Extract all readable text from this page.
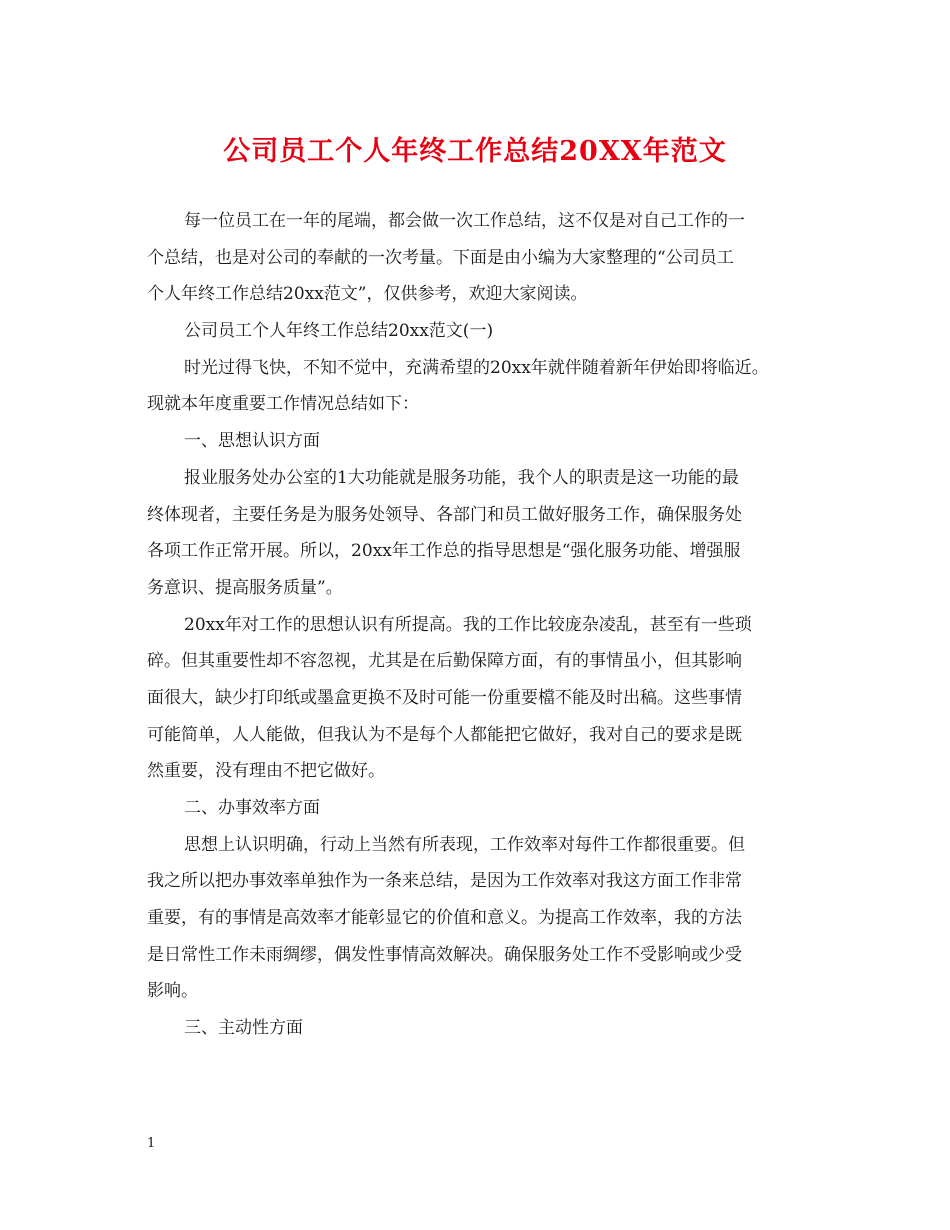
公司员工个人年终工作总结20XX年范文
每一位员工在一年的尾端，都会做一次工作总结，这不仅是对自己工作的一
个总结，也是对公司的奉献的一次考量。下面是由小编为大家整理的“公司员工
个人年终工作总结20xx范文”，仅供参考，欢迎大家阅读。
公司员工个人年终工作总结20xx范文(一)
时光过得飞快，不知不觉中，充满希望的20xx年就伴随着新年伊始即将临近。
现就本年度重要工作情况总结如下：
一、思想认识方面
报业服务处办公室的1大功能就是服务功能，我个人的职责是这一功能的最
终体现者，主要任务是为服务处领导、各部门和员工做好服务工作，确保服务处
各项工作正常开展。所以，20xx年工作总的指导思想是“强化服务功能、增强服
务意识、提高服务质量”。
20xx年对工作的思想认识有所提高。我的工作比较庞杂凌乱，甚至有一些琐
碎。但其重要性却不容忽视，尤其是在后勤保障方面，有的事情虽小，但其影响
面很大，缺少打印纸或墨盒更换不及时可能一份重要檔不能及时出稿。这些事情
可能简单，人人能做，但我认为不是每个人都能把它做好，我对自己的要求是既
然重要，没有理由不把它做好。
二、办事效率方面
思想上认识明确，行动上当然有所表现，工作效率对每件工作都很重要。但
我之所以把办事效率单独作为一条来总结，是因为工作效率对我这方面工作非常
重要，有的事情是高效率才能彰显它的价值和意义。为提高工作效率，我的方法
是日常性工作未雨绸缪，偶发性事情高效解决。确保服务处工作不受影响或少受
影响。
三、主动性方面
1
